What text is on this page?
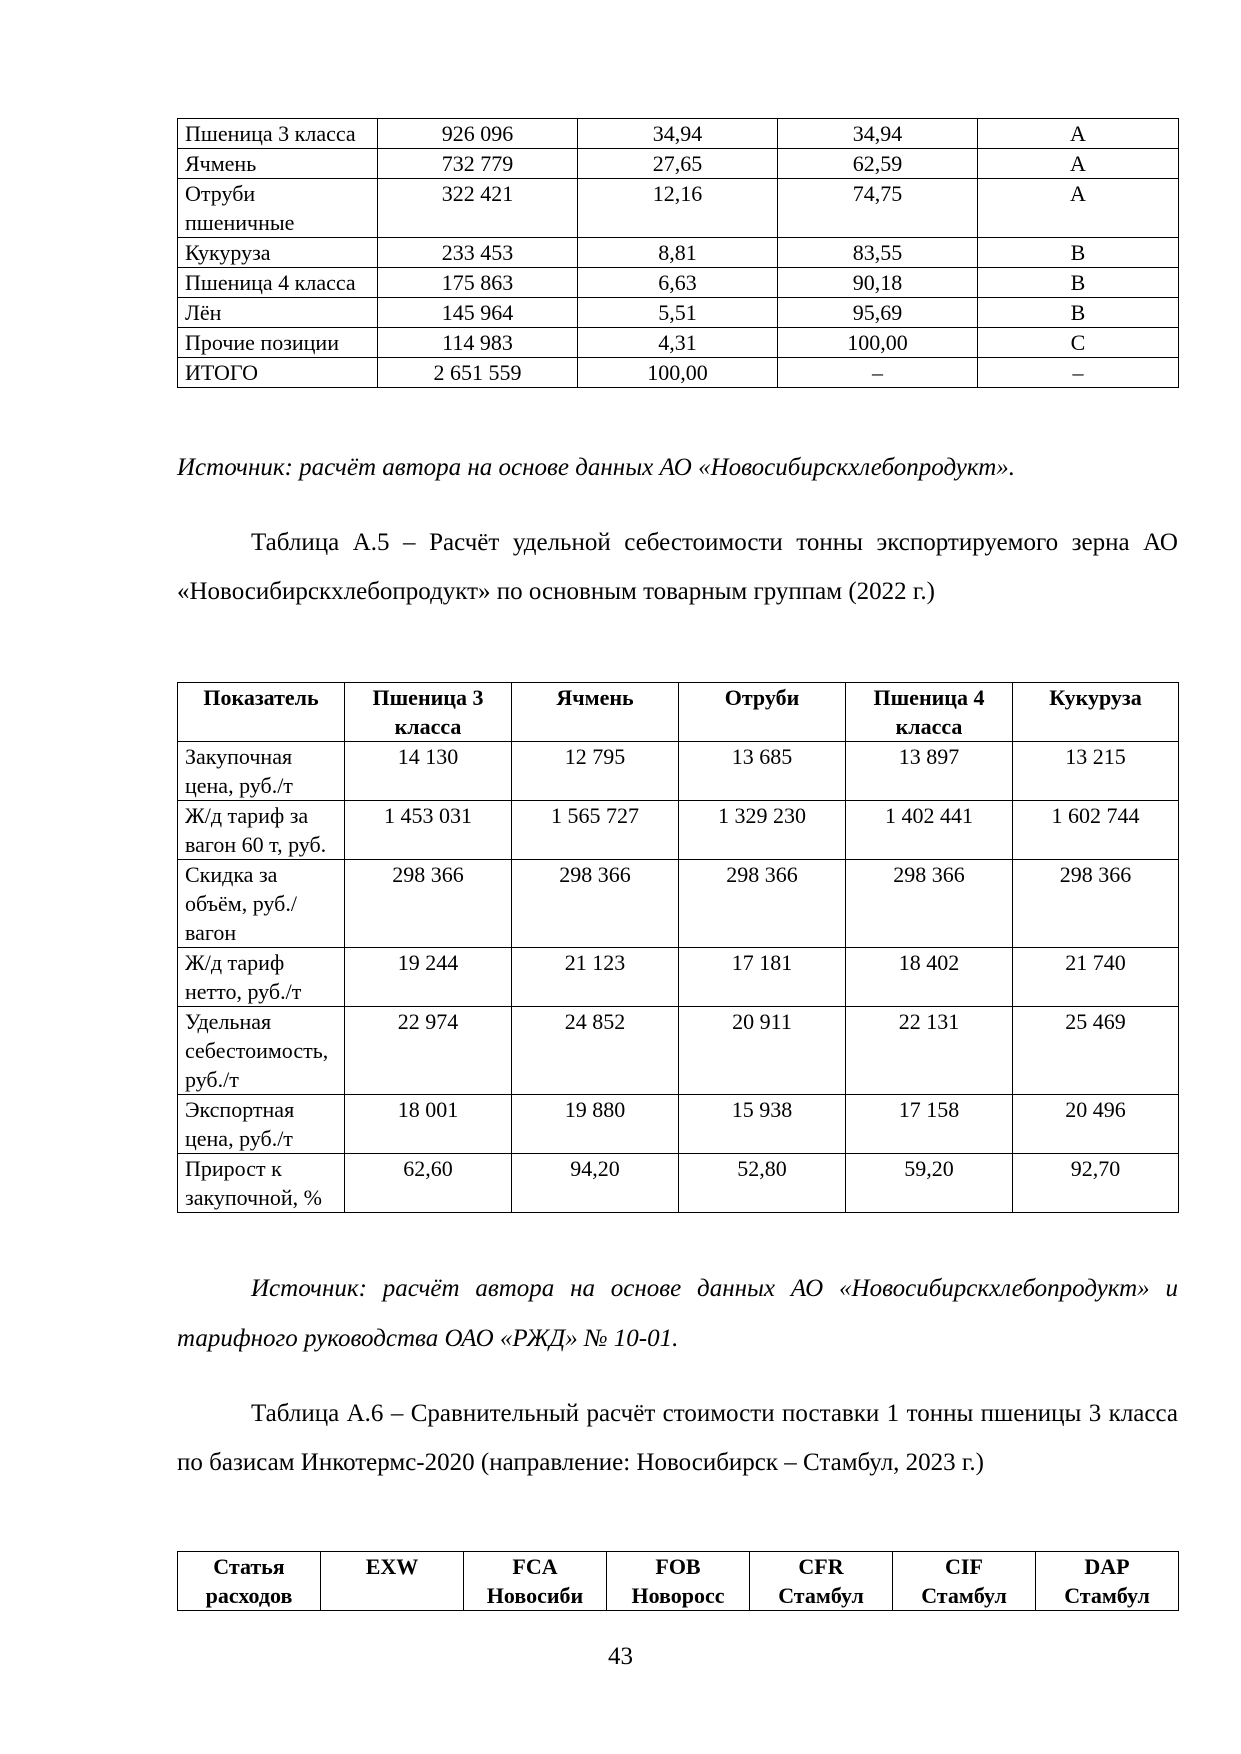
Пшеница 3 класса	926 096	34,94	34,94	A
Ячмень	732 779	27,65	62,59	A
Отруби пшеничные	322 421	12,16	74,75	A
Кукуруза	233 453	8,81	83,55	B
Пшеница 4 класса	175 863	6,63	90,18	B
Лён	145 964	5,51	95,69	B
Прочие позиции	114 983	4,31	100,00	C
ИТОГО	2 651 559	100,00	–	–
Источник: расчёт автора на основе данных АО «Новосибирскхлебопродукт».
Таблица А.5 – Расчёт удельной себестоимости тонны экспортируемого зерна АО «Новосибирскхлебопродукт» по основным товарным группам (2022 г.)
Показатель	Пшеница 3 класса	Ячмень	Отруби	Пшеница 4 класса	Кукуруза
Закупочная цена, руб./т	14 130	12 795	13 685	13 897	13 215
Ж/д тариф за вагон 60 т, руб.	1 453 031	1 565 727	1 329 230	1 402 441	1 602 744
Скидка за объём, руб./вагон	298 366	298 366	298 366	298 366	298 366
Ж/д тариф нетто, руб./т	19 244	21 123	17 181	18 402	21 740
Удельная себестоимость, руб./т	22 974	24 852	20 911	22 131	25 469
Экспортная цена, руб./т	18 001	19 880	15 938	17 158	20 496
Прирост к закупочной, %	62,60	94,20	52,80	59,20	92,70
Источник: расчёт автора на основе данных АО «Новосибирскхлебопродукт» и тарифного руководства ОАО «РЖД» № 10-01.
Таблица А.6 – Сравнительный расчёт стоимости поставки 1 тонны пшеницы 3 класса по базисам Инкотермс-2020 (направление: Новосибирск – Стамбул, 2023 г.)
Статья расходов	EXW	FCA Новосиби	FOB Новоросс	CFR Стамбул	CIF Стамбул	DAP Стамбул
43
